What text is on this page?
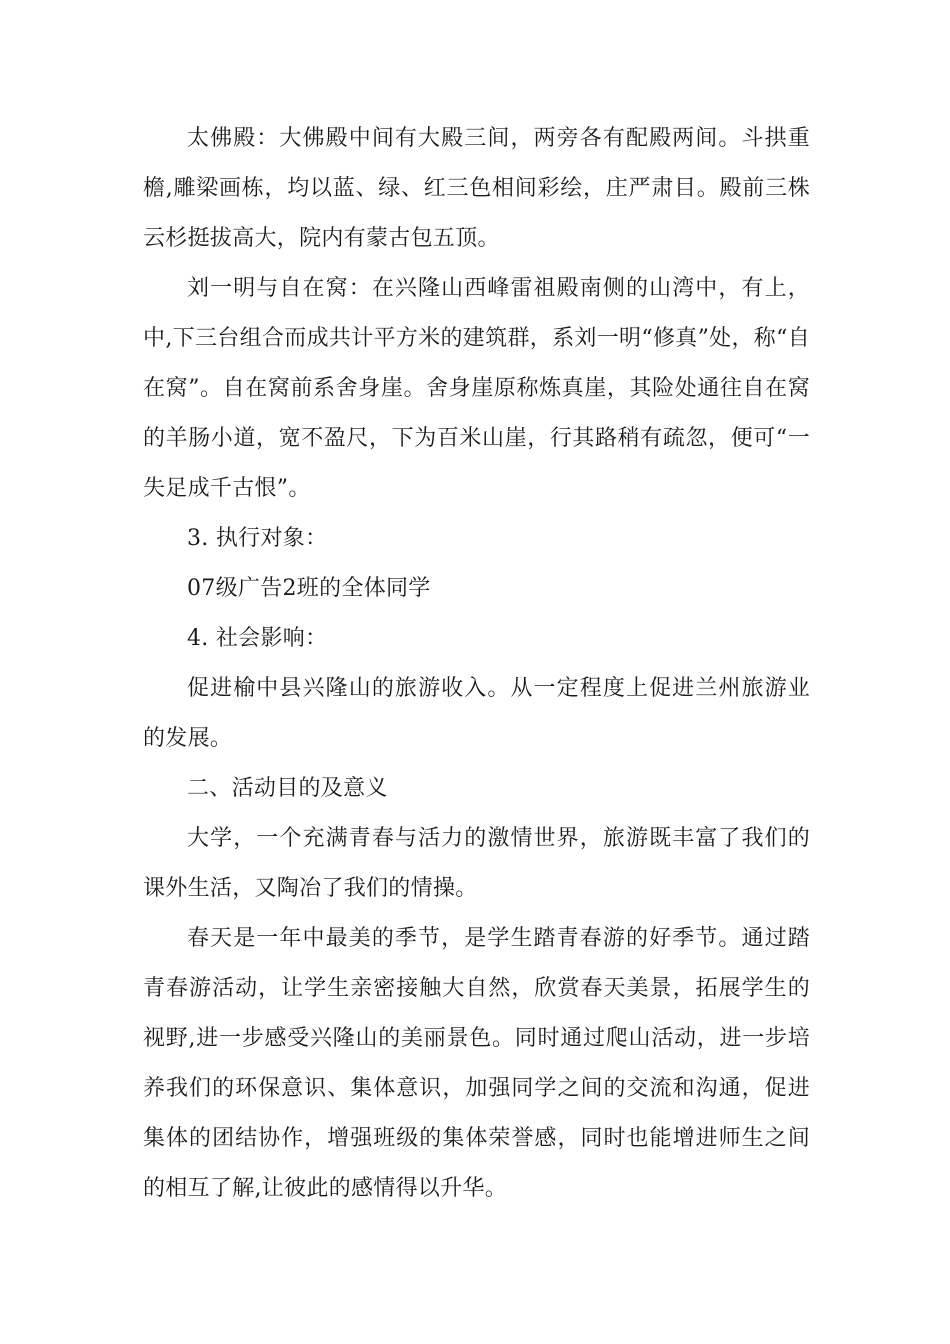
太佛殿：大佛殿中间有大殿三间，两旁各有配殿两间。斗拱重檐,雕梁画栋，均以蓝、绿、红三色相间彩绘，庄严肃目。殿前三株云杉挺拔高大，院内有蒙古包五顶。

刘一明与自在窝：在兴隆山西峰雷祖殿南侧的山湾中，有上，中,下三台组合而成共计平方米的建筑群，系刘一明“修真”处，称“自在窝”。自在窝前系舍身崖。舍身崖原称炼真崖，其险处通往自在窝的羊肠小道，宽不盈尺，下为百米山崖，行其路稍有疏忽，便可“一失足成千古恨”。

3. 执行对象：

07级广告2班的全体同学

4. 社会影响：

促进榆中县兴隆山的旅游收入。从一定程度上促进兰州旅游业的发展。

二、活动目的及意义

大学，一个充满青春与活力的激情世界，旅游既丰富了我们的课外生活，又陶冶了我们的情操。

春天是一年中最美的季节，是学生踏青春游的好季节。通过踏青春游活动，让学生亲密接触大自然，欣赏春天美景，拓展学生的视野,进一步感受兴隆山的美丽景色。同时通过爬山活动，进一步培养我们的环保意识、集体意识，加强同学之间的交流和沟通，促进集体的团结协作，增强班级的集体荣誉感，同时也能增进师生之间的相互了解,让彼此的感情得以升华。
